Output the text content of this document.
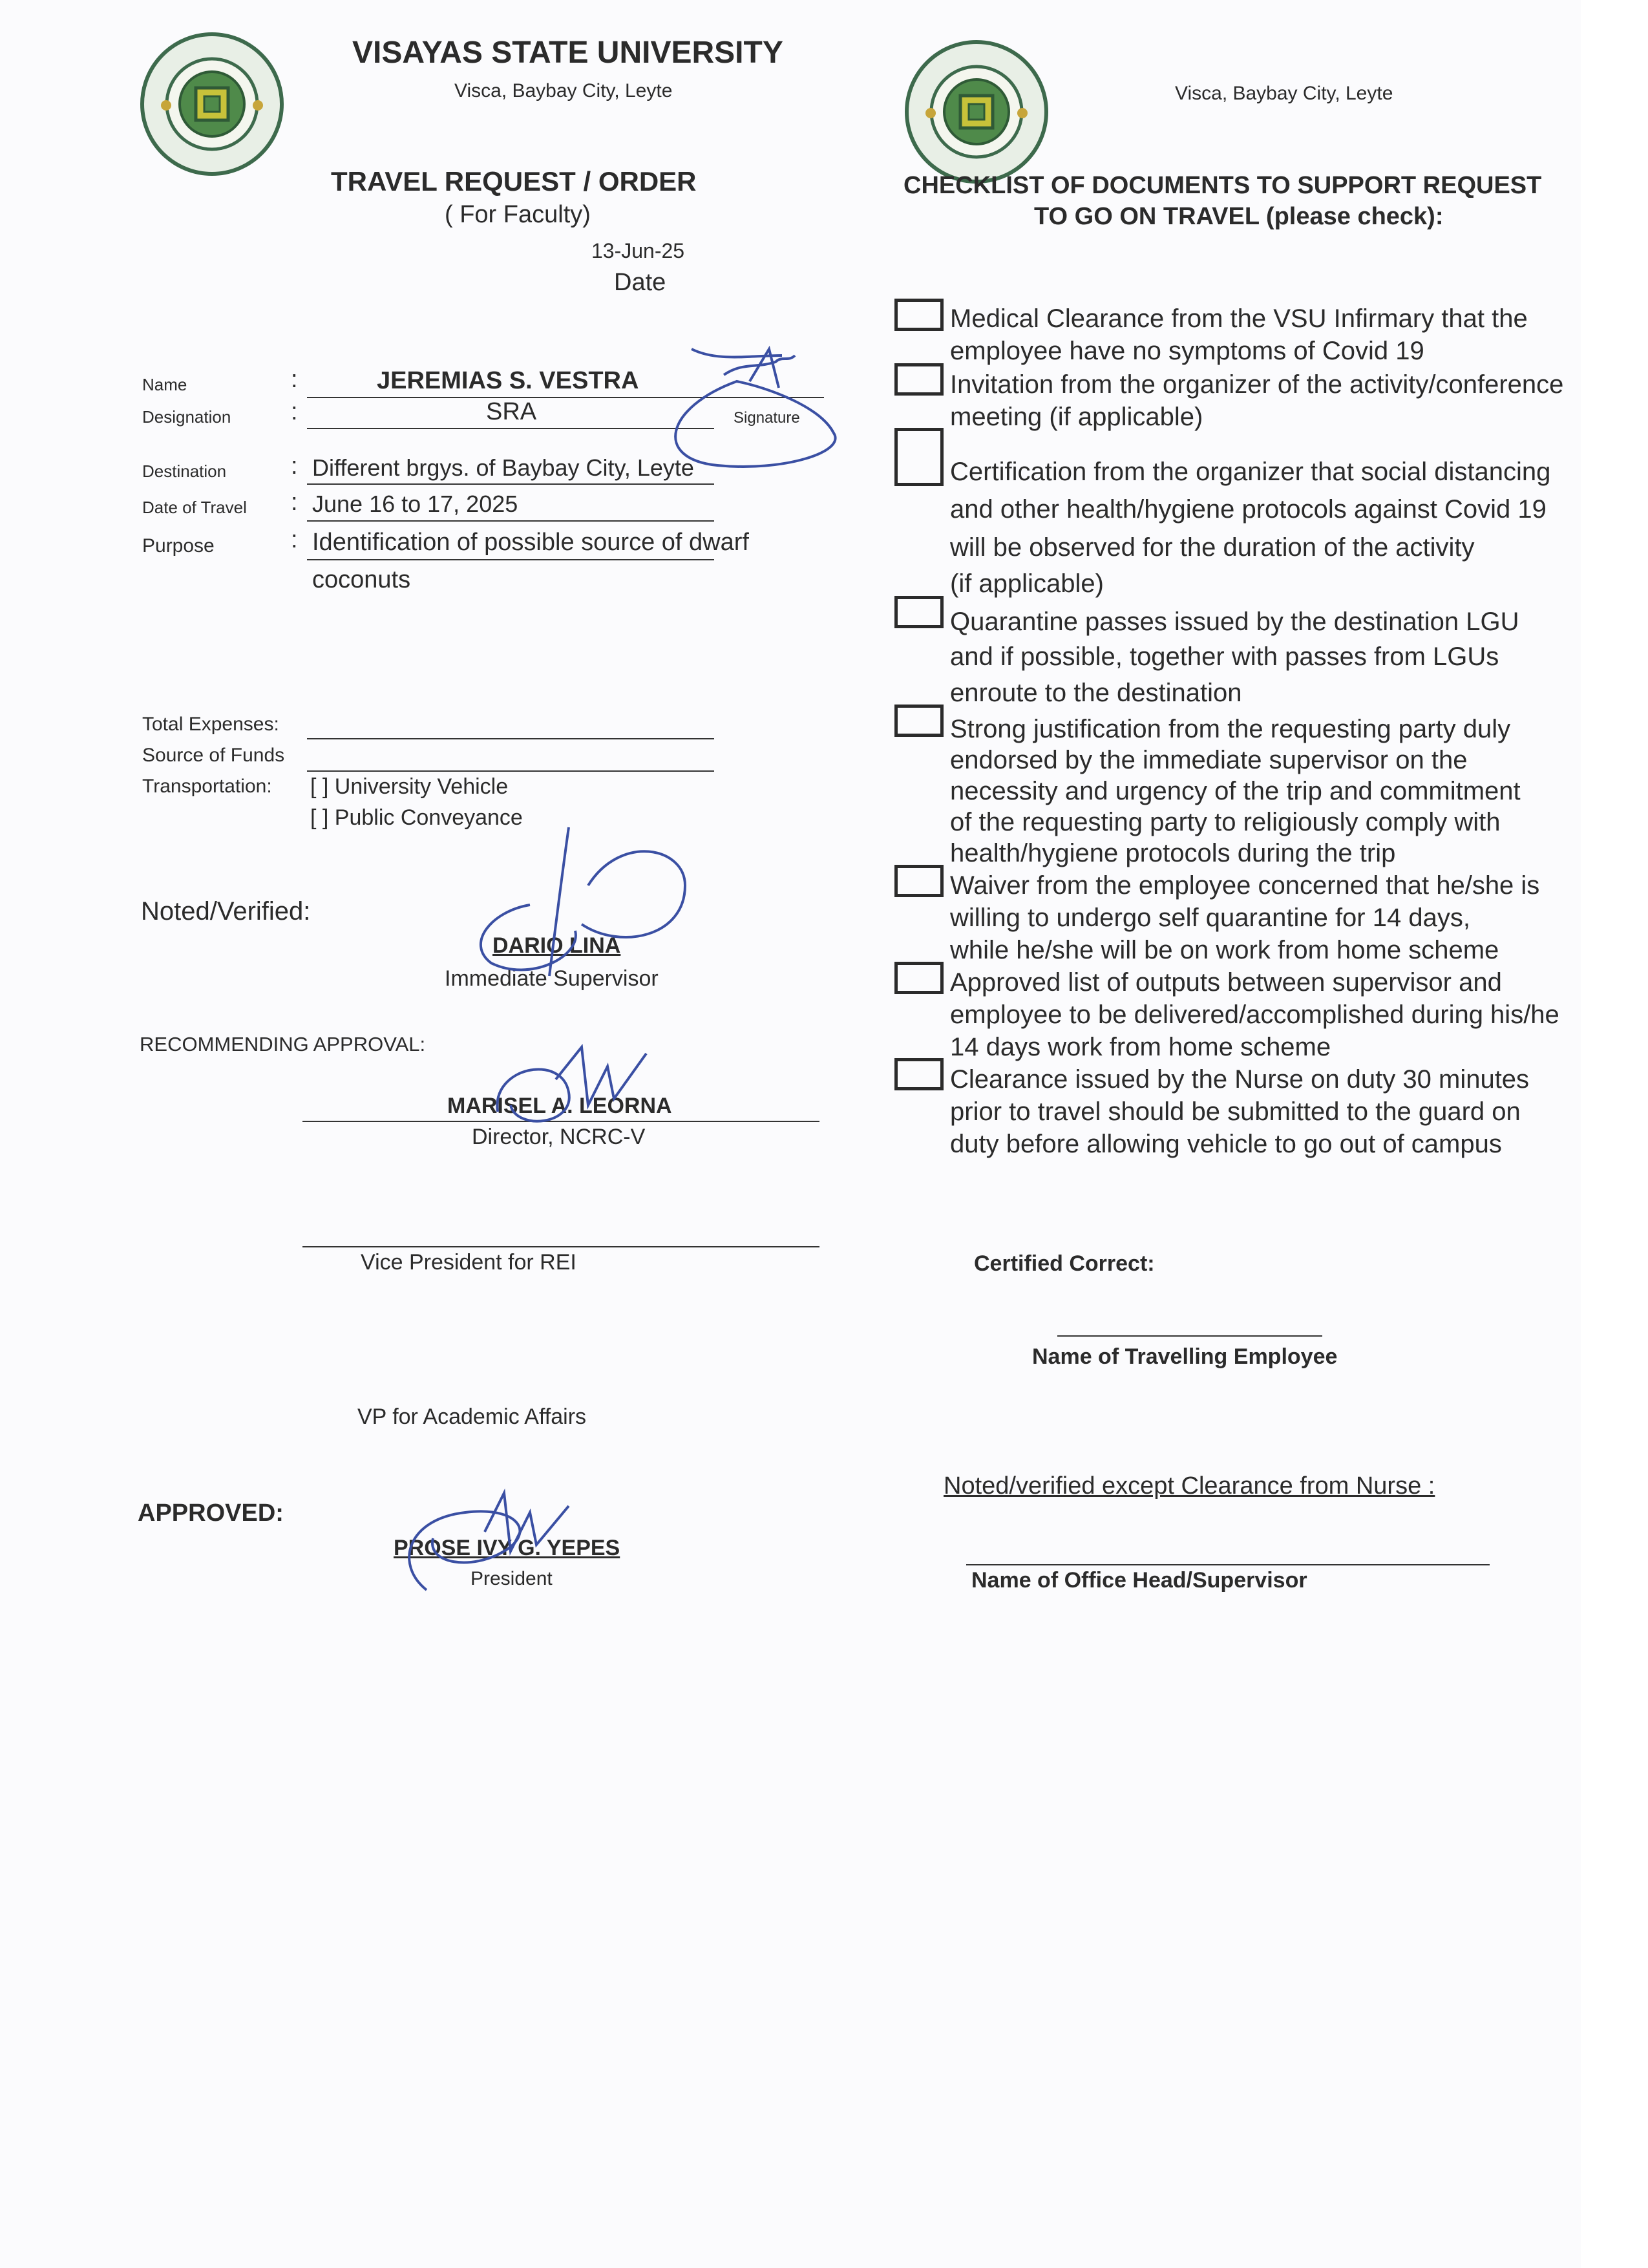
VISAYAS STATE UNIVERSITY
Visca, Baybay City, Leyte	Visca, Baybay City, Leyte
TRAVEL REQUEST / ORDER
( For Faculty)
13-Jun-25
Date
Name	:	JEREMIAS S. VESTRA
Designation :	SRA	Signature
Destination	: Different brgys. of Baybay City, Leyte
Date of Travel : June 16 to 17, 2025
Purpose	: Identification of possible source of dwarf
coconuts
Total Expenses:
Source of Funds
Transportation: [ ] University Vehicle
[ ] Public Conveyance
Noted/Verified:
DARIO LINA
Immediate Supervisor
RECOMMENDING APPROVAL:
MARISEL A. LEORNA
Director, NCRC-V
Vice President for REI
VP for Academic Affairs
APPROVED:
PROSE IVY G. YEPES
President
CHECKLIST OF DOCUMENTS TO SUPPORT REQUEST
TO GO ON TRAVEL (please check):
Medical Clearance from the VSU Infirmary that the
employee have no symptoms of Covid 19
Invitation from the organizer of the activity/conference
meeting (if applicable)
Certification from the organizer that social distancing
and other health/hygiene protocols against Covid 19
will be observed for the duration of the activity
(if applicable)
Quarantine passes issued by the destination LGU
and if possible, together with passes from LGUs
enroute to the destination
Strong justification from the requesting party duly
endorsed by the immediate supervisor on the
necessity and urgency of the trip and commitment
of the requesting party to religiously comply with
health/hygiene protocols during the trip
Waiver from the employee concerned that he/she is
willing to undergo self quarantine for 14 days,
while he/she will be on work from home scheme
Approved list of outputs between supervisor and
employee to be delivered/accomplished during his/he
14 days work from home scheme
Clearance issued by the Nurse on duty 30 minutes
prior to travel should be submitted to the guard on
duty before allowing vehicle to go out of campus
Certified Correct:
Name of Travelling Employee
Noted/verified except Clearance from Nurse :
Name of Office Head/Supervisor
